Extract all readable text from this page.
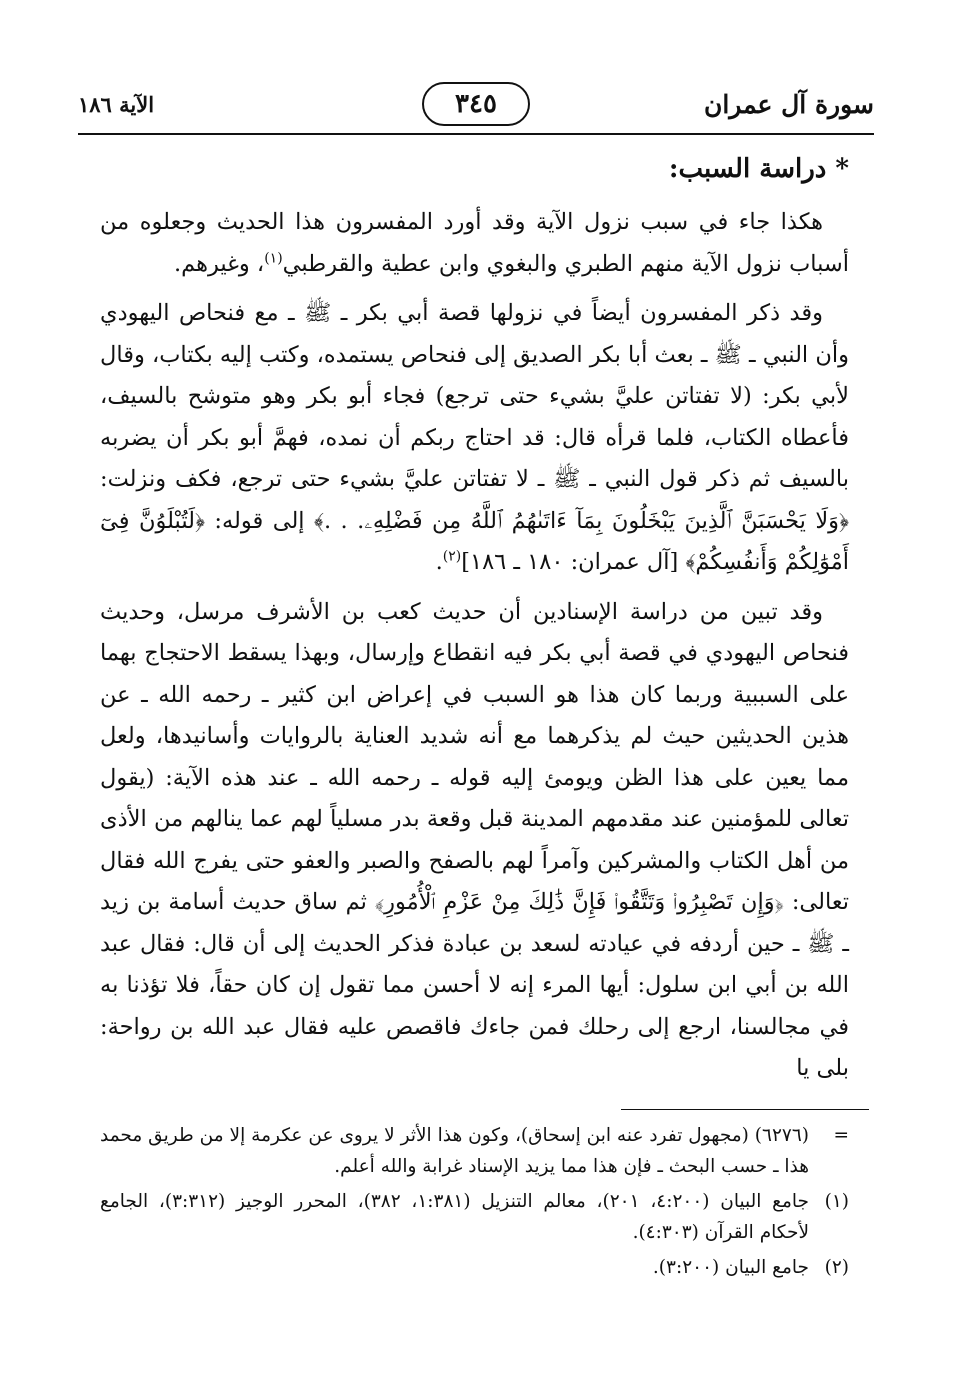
سورة آل عمران
٣٤٥
الآية ١٨٦
* دراسة السبب:

هكذا جاء في سبب نزول الآية وقد أورد المفسرون هذا الحديث وجعلوه من أسباب نزول الآية منهم الطبري والبغوي وابن عطية والقرطبي$^{(١)}$، وغيرهم.

وقد ذكر المفسرون أيضاً في نزولها قصة أبي بكر ـ ﷺ ـ مع فنحاص اليهودي وأن النبي ـ ﷺ ـ بعث أبا بكر الصديق إلى فنحاص يستمده، وكتب إليه بكتاب، وقال لأبي بكر: (لا تفتاتن عليَّ بشيء حتى ترجع) فجاء أبو بكر وهو متوشح بالسيف، فأعطاه الكتاب، فلما قرأه قال: قد احتاج ربكم أن نمده، فهمَّ أبو بكر أن يضربه بالسيف ثم ذكر قول النبي ـ ﷺ ـ لا تفتاتن عليَّ بشيء حتى ترجع، فكف ونزلت: ﴿وَلَا يَحْسَبَنَّ ٱلَّذِينَ يَبْخَلُونَ بِمَآ ءَاتَىٰهُمُ ٱللَّهُ مِن فَضْلِهِۦ. . .﴾ إلى قوله: ﴿لَتُبْلَوُنَّ فِىٓ أَمْوَٰلِكُمْ وَأَنفُسِكُمْ﴾ [آل عمران: ١٨٠ ـ ١٨٦]$^{(٢)}$.

وقد تبين من دراسة الإسنادين أن حديث كعب بن الأشرف مرسل، وحديث فنحاص اليهودي في قصة أبي بكر فيه انقطاع وإرسال، وبهذا يسقط الاحتجاج بهما على السببية وربما كان هذا هو السبب في إعراض ابن كثير ـ رحمه الله ـ عن هذين الحديثين حيث لم يذكرهما مع أنه شديد العناية بالروايات وأسانيدها، ولعل مما يعين على هذا الظن ويومئ إليه قوله ـ رحمه الله ـ عند هذه الآية: (يقول تعالى للمؤمنين عند مقدمهم المدينة قبل وقعة بدر مسلياً لهم عما ينالهم من الأذى من أهل الكتاب والمشركين وآمراً لهم بالصفح والصبر والعفو حتى يفرج الله فقال تعالى: ﴿وَإِن تَصْبِرُوا۟ وَتَتَّقُوا۟ فَإِنَّ ذَٰلِكَ مِنْ عَزْمِ ٱلْأُمُورِ﴾ ثم ساق حديث أسامة بن زيد ـ ﷺ ـ حين أردفه في عيادته لسعد بن عبادة فذكر الحديث إلى أن قال: فقال عبد الله بن أبي ابن سلول: أيها المرء إنه لا أحسن مما تقول إن كان حقاً، فلا تؤذنا به في مجالسنا، ارجع إلى رحلك فمن جاءك فاقصص عليه فقال عبد الله بن رواحة: بلى يا

=
(٦٢٧٦) (مجهول تفرد عنه ابن إسحاق)، وكون هذا الأثر لا يروى عن عكرمة إلا من طريق محمد هذا ـ حسب البحث ـ فإن هذا مما يزيد الإسناد غرابة والله أعلم.

(١)
جامع البيان (٤:٢٠٠، ٢٠١)، معالم التنزيل (١:٣٨١، ٣٨٢)، المحرر الوجيز (٣:٣١٢)، الجامع لأحكام القرآن (٤:٣٠٣).

(٢)
جامع البيان (٣:٢٠٠).
